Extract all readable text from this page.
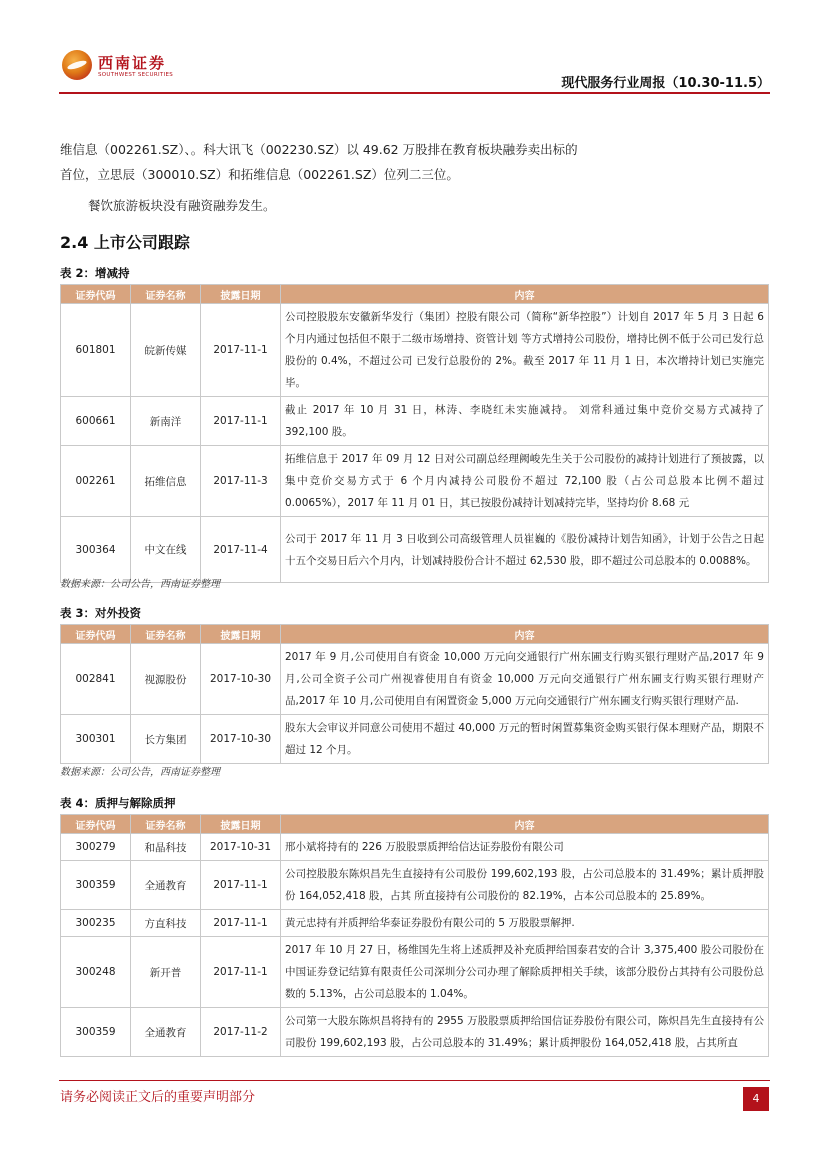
西南证券
SOUTHWEST SECURITIES
现代服务行业周报（10.30-11.5）
维信息（002261.SZ）、。科大讯飞（002230.SZ）以 49.62 万股排在教育板块融券卖出标的
首位，立思辰（300010.SZ）和拓维信息（002261.SZ）位列二三位。
餐饮旅游板块没有融资融券发生。
2.4 上市公司跟踪
表 2：增减持
证券代码	证券名称	披露日期	内容
601801	皖新传媒	2017-11-1	公司控股股东安徽新华发行（集团）控股有限公司（简称“新华控股”）计划自 2017 年 5 月 3 日起 6 个月内通过包括但不限于二级市场增持、资管计划 等方式增持公司股份，增持比例不低于公司已发行总股份的 0.4%，不超过公司 已发行总股份的 2%。截至 2017 年 11 月 1 日，本次增持计划已实施完毕。
600661	新南洋	2017-11-1	截止 2017 年 10 月 31 日，林涛、李晓红未实施减持。 刘常科通过集中竞价交易方式减持了 392,100 股。
002261	拓维信息	2017-11-3	拓维信息于 2017 年 09 月 12 日对公司副总经理阙峻先生关于公司股份的减持计划进行了预披露，以集中竞价交易方式于 6 个月内减持公司股份不超过 72,100 股（占公司总股本比例不超过 0.0065%），2017 年 11 月 01 日，其已按股份减持计划减持完毕，坚持均价 8.68 元
300364	中文在线	2017-11-4	公司于 2017 年 11 月 3 日收到公司高级管理人员崔巍的《股份减持计划告知函》，计划于公告之日起十五个交易日后六个月内，计划减持股份合计不超过 62,530 股，即不超过公司总股本的 0.0088%。
数据来源：公司公告，西南证券整理
表 3：对外投资
证券代码	证券名称	披露日期	内容
002841	视源股份	2017-10-30	2017 年 9 月,公司使用自有资金 10,000 万元向交通银行广州东圃支行购买银行理财产品,2017 年 9 月,公司全资子公司广州视睿使用自有资金 10,000 万元向交通银行广州东圃支行购买银行理财产品,2017 年 10 月,公司使用自有闲置资金 5,000 万元向交通银行广州东圃支行购买银行理财产品.
300301	长方集团	2017-10-30	股东大会审议并同意公司使用不超过 40,000 万元的暂时闲置募集资金购买银行保本理财产品，期限不超过 12 个月。
数据来源：公司公告，西南证券整理
表 4：质押与解除质押
证券代码	证券名称	披露日期	内容
300279	和晶科技	2017-10-31	邢小斌将持有的 226 万股股票质押给信达证券股份有限公司
300359	全通教育	2017-11-1	公司控股股东陈炽昌先生直接持有公司股份 199,602,193 股，占公司总股本的 31.49%；累计质押股份 164,052,418 股，占其 所直接持有公司股份的 82.19%，占本公司总股本的 25.89%。
300235	方直科技	2017-11-1	黄元忠持有并质押给华泰证券股份有限公司的 5 万股股票解押.
300248	新开普	2017-11-1	2017 年 10 月 27 日，杨维国先生将上述质押及补充质押给国泰君安的合计 3,375,400 股公司股份在中国证券登记结算有限责任公司深圳分公司办理了解除质押相关手续，该部分股份占其持有公司股份总数的 5.13%，占公司总股本的 1.04%。
300359	全通教育	2017-11-2	公司第一大股东陈炽昌将持有的 2955 万股股票质押给国信证券股份有限公司，陈炽昌先生直接持有公司股份 199,602,193 股，占公司总股本的 31.49%；累计质押股份 164,052,418 股，占其所直
请务必阅读正文后的重要声明部分	4
